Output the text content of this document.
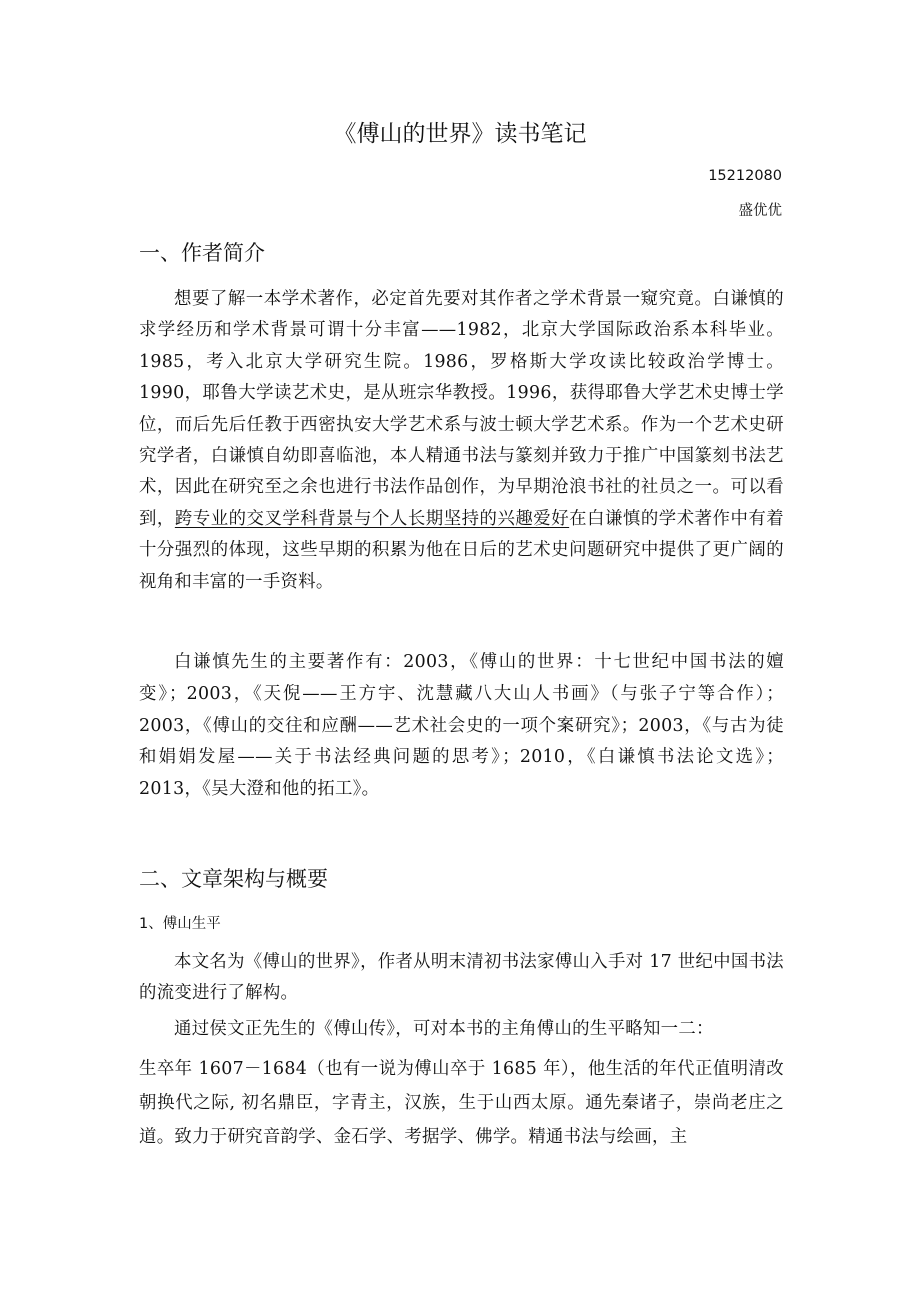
《傅山的世界》读书笔记
15212080
盛优优
一、作者简介

想要了解一本学术著作，必定首先要对其作者之学术背景一窥究竟。白谦慎的求学经历和学术背景可谓十分丰富——1982，北京大学国际政治系本科毕业。1985，考入北京大学研究生院。1986，罗格斯大学攻读比较政治学博士。1990，耶鲁大学读艺术史，是从班宗华教授。1996，获得耶鲁大学艺术史博士学位，而后先后任教于西密执安大学艺术系与波士顿大学艺术系。作为一个艺术史研究学者，白谦慎自幼即喜临池，本人精通书法与篆刻并致力于推广中国篆刻书法艺术，因此在研究至之余也进行书法作品创作，为早期沧浪书社的社员之一。可以看到，跨专业的交叉学科背景与个人长期坚持的兴趣爱好在白谦慎的学术著作中有着十分强烈的体现，这些早期的积累为他在日后的艺术史问题研究中提供了更广阔的视角和丰富的一手资料。

白谦慎先生的主要著作有：2003，《傅山的世界：十七世纪中国书法的嬗变》；2003，《天倪——王方宇、沈慧藏八大山人书画》（与张子宁等合作）；2003，《傅山的交往和应酬——艺术社会史的一项个案研究》；2003，《与古为徒和娟娟发屋——关于书法经典问题的思考》；2010，《白谦慎书法论文选》；2013，《吴大澄和他的拓工》。

二、文章架构与概要
1、傅山生平

本文名为《傅山的世界》，作者从明末清初书法家傅山入手对 17 世纪中国书法的流变进行了解构。

通过侯文正先生的《傅山传》，可对本书的主角傅山的生平略知一二：

生卒年 1607－1684（也有一说为傅山卒于 1685 年），他生活的年代正值明清改朝换代之际, 初名鼎臣，字青主，汉族，生于山西太原。通先秦诸子，崇尚老庄之道。致力于研究音韵学、金石学、考据学、佛学。精通书法与绘画，主
